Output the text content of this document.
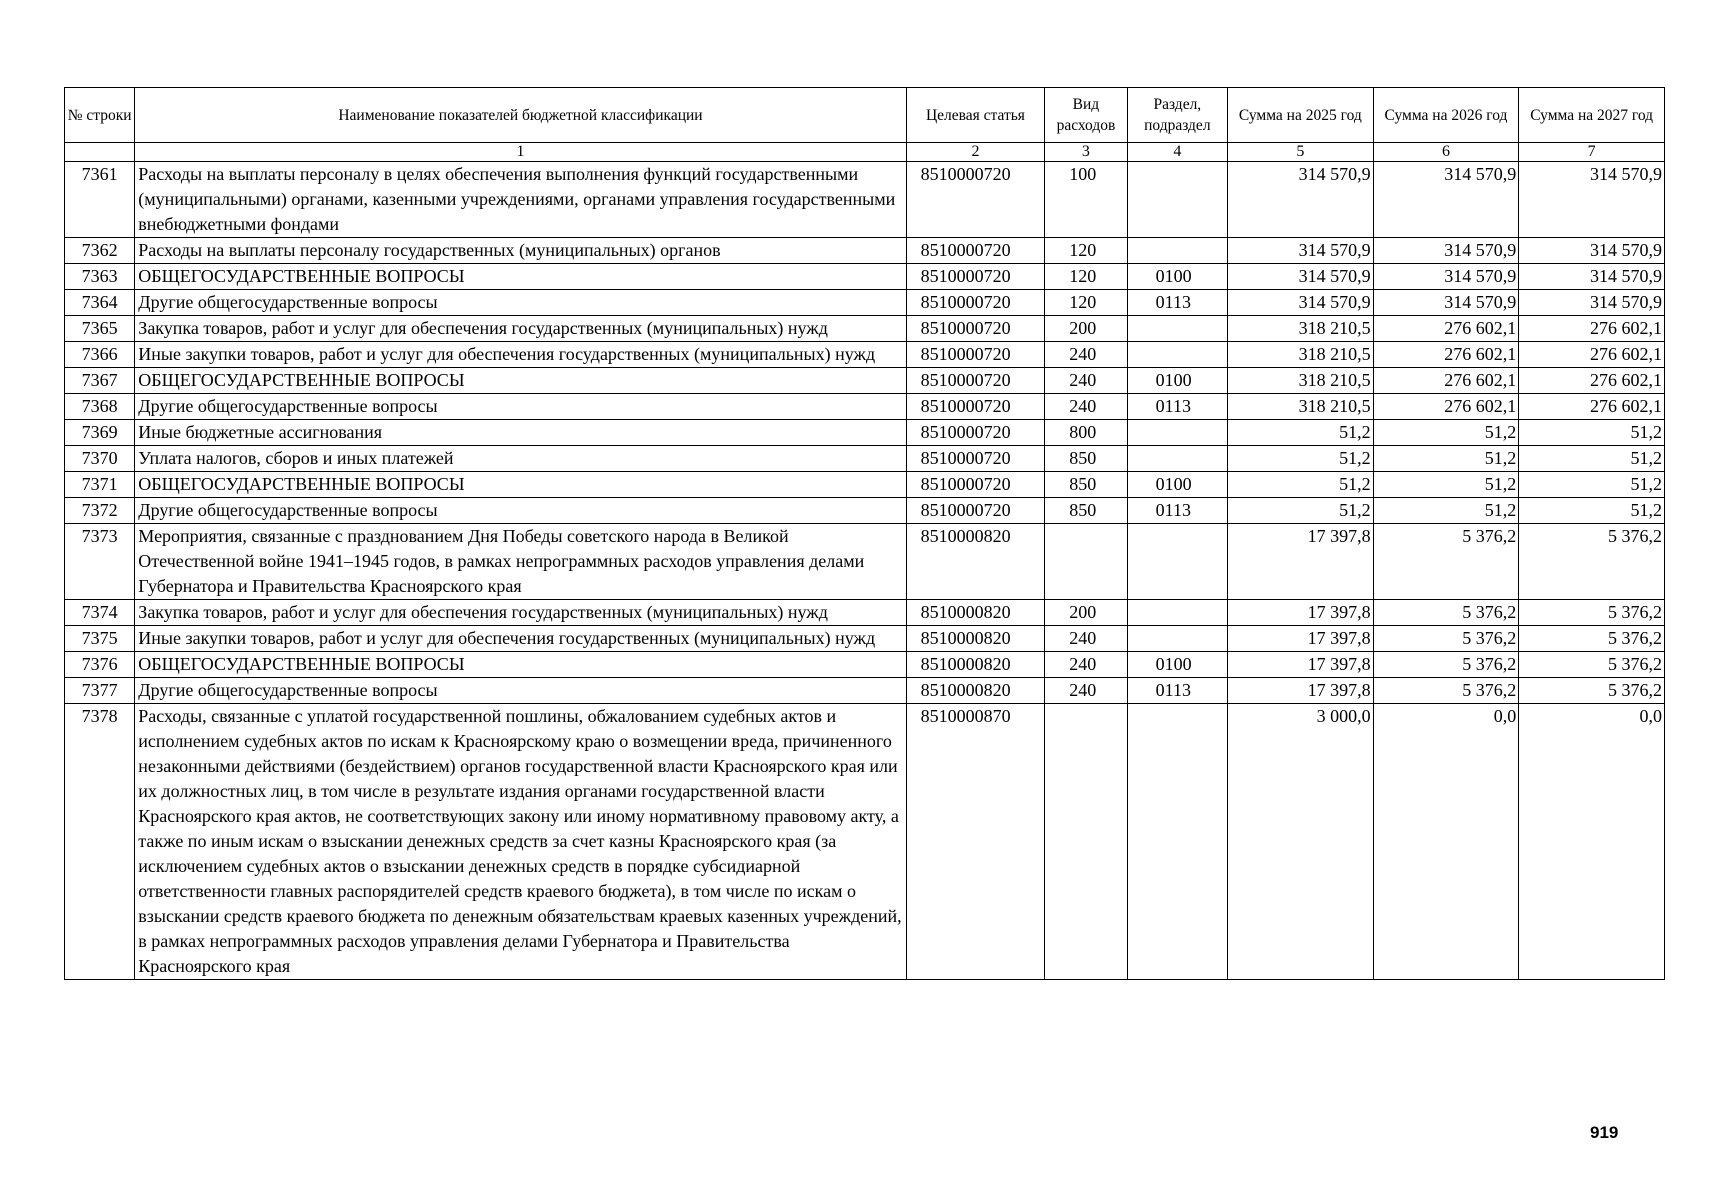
№ строки	Наименование показателей бюджетной классификации	Целевая статья	Вид расходов	Раздел, подраздел	Сумма на 2025 год	Сумма на 2026 год	Сумма на 2027 год
	1	2	3	4	5	6	7
7361	Расходы на выплаты персоналу в целях обеспечения выполнения функций государственными (муниципальными) органами, казенными учреждениями, органами управления государственными внебюджетными фондами	8510000720	100		314 570,9	314 570,9	314 570,9
7362	Расходы на выплаты персоналу государственных (муниципальных) органов	8510000720	120		314 570,9	314 570,9	314 570,9
7363	ОБЩЕГОСУДАРСТВЕННЫЕ ВОПРОСЫ	8510000720	120	0100	314 570,9	314 570,9	314 570,9
7364	Другие общегосударственные вопросы	8510000720	120	0113	314 570,9	314 570,9	314 570,9
7365	Закупка товаров, работ и услуг для обеспечения государственных (муниципальных) нужд	8510000720	200		318 210,5	276 602,1	276 602,1
7366	Иные закупки товаров, работ и услуг для обеспечения государственных (муниципальных) нужд	8510000720	240		318 210,5	276 602,1	276 602,1
7367	ОБЩЕГОСУДАРСТВЕННЫЕ ВОПРОСЫ	8510000720	240	0100	318 210,5	276 602,1	276 602,1
7368	Другие общегосударственные вопросы	8510000720	240	0113	318 210,5	276 602,1	276 602,1
7369	Иные бюджетные ассигнования	8510000720	800		51,2	51,2	51,2
7370	Уплата налогов, сборов и иных платежей	8510000720	850		51,2	51,2	51,2
7371	ОБЩЕГОСУДАРСТВЕННЫЕ ВОПРОСЫ	8510000720	850	0100	51,2	51,2	51,2
7372	Другие общегосударственные вопросы	8510000720	850	0113	51,2	51,2	51,2
7373	Мероприятия, связанные с празднованием Дня Победы советского народа в Великой Отечественной войне 1941–1945 годов, в рамках непрограммных расходов управления делами Губернатора и Правительства Красноярского края	8510000820			17 397,8	5 376,2	5 376,2
7374	Закупка товаров, работ и услуг для обеспечения государственных (муниципальных) нужд	8510000820	200		17 397,8	5 376,2	5 376,2
7375	Иные закупки товаров, работ и услуг для обеспечения государственных (муниципальных) нужд	8510000820	240		17 397,8	5 376,2	5 376,2
7376	ОБЩЕГОСУДАРСТВЕННЫЕ ВОПРОСЫ	8510000820	240	0100	17 397,8	5 376,2	5 376,2
7377	Другие общегосударственные вопросы	8510000820	240	0113	17 397,8	5 376,2	5 376,2
7378	Расходы, связанные с уплатой государственной пошлины, обжалованием судебных актов и исполнением судебных актов по искам к Красноярскому краю о возмещении вреда, причиненного незаконными действиями (бездействием) органов государственной власти Красноярского края или их должностных лиц, в том числе в результате издания органами государственной власти Красноярского края актов, не соответствующих закону или иному нормативному правовому акту, а также по иным искам о взыскании денежных средств за счет казны Красноярского края (за исключением судебных актов о взыскании денежных средств в порядке субсидиарной ответственности главных распорядителей средств краевого бюджета), в том числе по искам о взыскании средств краевого бюджета по денежным обязательствам краевых казенных учреждений, в рамках непрограммных расходов управления делами Губернатора и Правительства Красноярского края	8510000870			3 000,0	0,0	0,0
919
